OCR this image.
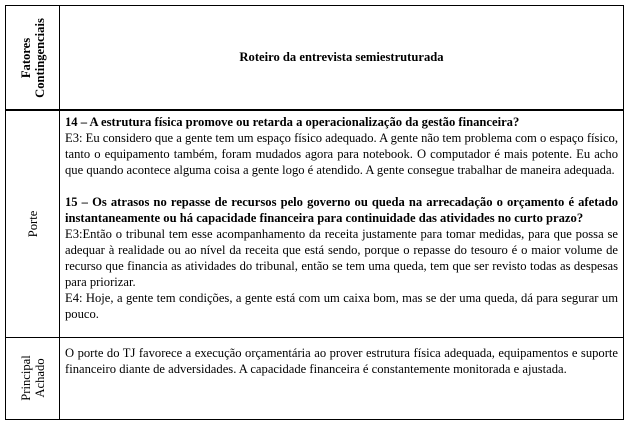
Fatores Contingenciais	Roteiro da entrevista semiestruturada

Porte	14 – A estrutura física promove ou retarda a operacionalização da gestão financeira?
E3: Eu considero que a gente tem um espaço físico adequado. A gente não tem problema com o espaço físico, tanto o equipamento também, foram mudados agora para notebook. O computador é mais potente. Eu acho que quando acontece alguma coisa a gente logo é atendido. A gente consegue trabalhar de maneira adequada.
15 – Os atrasos no repasse de recursos pelo governo ou queda na arrecadação o orçamento é afetado instantaneamente ou há capacidade financeira para continuidade das atividades no curto prazo?
E3:Então o tribunal tem esse acompanhamento da receita justamente para tomar medidas, para que possa se adequar à realidade ou ao nível da receita que está sendo, porque o repasse do tesouro é o maior volume de recurso que financia as atividades do tribunal, então se tem uma queda, tem que ser revisto todas as despesas para priorizar.
E4: Hoje, a gente tem condições, a gente está com um caixa bom, mas se der uma queda, dá para segurar um pouco.

Principal Achado	O porte do TJ favorece a execução orçamentária ao prover estrutura física adequada, equipamentos e suporte financeiro diante de adversidades. A capacidade financeira é constantemente monitorada e ajustada.
